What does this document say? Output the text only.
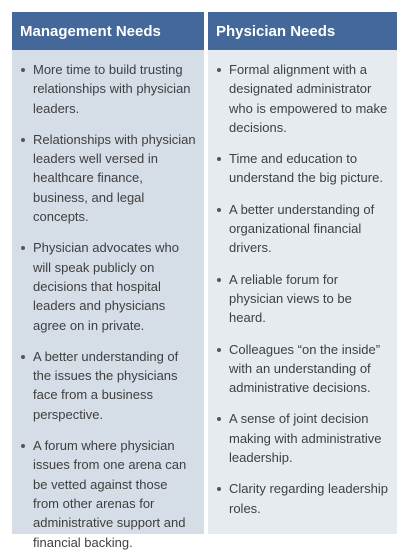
Management Needs
More time to build trusting relationships with physician leaders.
Relationships with physician leaders well versed in healthcare finance, business, and legal concepts.
Physician advocates who will speak publicly on decisions that hospital leaders and physicians agree on in private.
A better understanding of the issues the physicians face from a business perspective.
A forum where physician issues from one arena can be vetted against those from other arenas for administrative support and financial backing.
Physician Needs
Formal alignment with a designated administrator who is empowered to make decisions.
Time and education to understand the big picture.
A better understanding of organizational financial drivers.
A reliable forum for physician views to be heard.
Colleagues “on the inside” with an understanding of administrative decisions.
A sense of joint decision making with administrative leadership.
Clarity regarding leadership roles.
